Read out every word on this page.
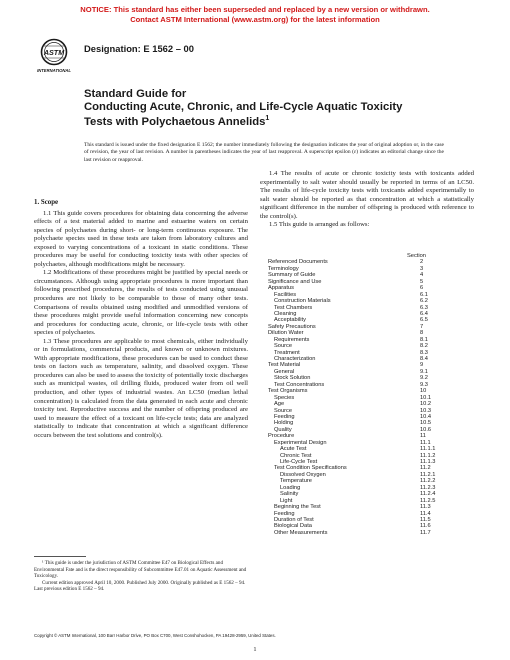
NOTICE: This standard has either been superseded and replaced by a new version or withdrawn.
Contact ASTM International (www.astm.org) for the latest information
ASTM
INTERNATIONAL
Designation: E 1562 – 00
Standard Guide for
Conducting Acute, Chronic, and Life-Cycle Aquatic Toxicity
Tests with Polychaetous Annelids$^1$
This standard is issued under the fixed designation E 1562; the number immediately following the designation indicates the year of original adoption or, in the case of revision, the year of last revision. A number in parentheses indicates the year of last reapproval. A superscript epsilon (ε) indicates an editorial change since the last revision or reapproval.

1. Scope

1.1 This guide covers procedures for obtaining data concerning the adverse effects of a test material added to marine and estuarine waters on certain species of polychaetes during short- or long-term continuous exposure. The polychaete species used in these tests are taken from laboratory cultures and exposed to varying concentrations of a toxicant in static conditions. These procedures may be useful for conducting toxicity tests with other species of polychaetes, although modifications might be necessary.

1.2 Modifications of these procedures might be justified by special needs or circumstances. Although using appropriate procedures is more important than following prescribed procedures, the results of tests conducted using unusual procedures are not likely to be comparable to those of many other tests. Comparisons of results obtained using modified and unmodified versions of these procedures might provide useful information concerning new concepts and procedures for conducting acute, chronic, or life-cycle tests with other species of polychaetes.

1.3 These procedures are applicable to most chemicals, either individually or in formulations, commercial products, and known or unknown mixtures. With appropriate modifications, these procedures can be used to conduct these tests on factors such as temperature, salinity, and dissolved oxygen. These procedures can also be used to assess the toxicity of potentially toxic discharges such as municipal wastes, oil drilling fluids, produced water from oil well production, and other types of industrial wastes. An LC50 (median lethal concentration) is calculated from the data generated in each acute and chronic toxicity test. Reproductive success and the number of offspring produced are used to measure the effect of a toxicant on life-cycle tests; data are analyzed statistically to indicate that concentration at which a significant difference occurs between the test solutions and control(s).

¹ This guide is under the jurisdiction of ASTM Committee E47 on Biological Effects and Environmental Fate and is the direct responsibility of Subcommittee E47.01 on Aquatic Assessment and Toxicology.

Current edition approved April 10, 2000. Published July 2000. Originally published as E 1562 – 94. Last previous edition E 1562 – 94.

1.4 The results of acute or chronic toxicity tests with toxicants added experimentally to salt water should usually be reported in terms of an LC50. The results of life-cycle toxicity tests with toxicants added experimentally to salt water should be reported as that concentration at which a statistically significant difference in the number of offspring is produced with reference to the control(s).

1.5 This guide is arranged as follows:

Section
Referenced Documents	2
Terminology	3
Summary of Guide	4
Significance and Use	5
Apparatus	6
Facilities	6.1
Construction Materials	6.2
Test Chambers	6.3
Cleaning	6.4
Acceptability	6.5
Safety Precautions	7
Dilution Water	8
Requirements	8.1
Source	8.2
Treatment	8.3
Characterization	8.4
Test Material	9
General	9.1
Stock Solution	9.2
Test Concentrations	9.3
Test Organisms	10
Species	10.1
Age	10.2
Source	10.3
Feeding	10.4
Holding	10.5
Quality	10.6
Procedure	11
Experimental Design	11.1
Acute Test	11.1.1
Chronic Test	11.1.2
Life-Cycle Test	11.1.3
Test Condition Specifications	11.2
Dissolved Oxygen	11.2.1
Temperature	11.2.2
Loading	11.2.3
Salinity	11.2.4
Light	11.2.5
Beginning the Test	11.3
Feeding	11.4
Duration of Test	11.5
Biological Data	11.6
Other Measurements	11.7
Copyright © ASTM International, 100 Barr Harbor Drive, PO Box C700, West Conshohocken, PA 19428-2959, United States.
1
